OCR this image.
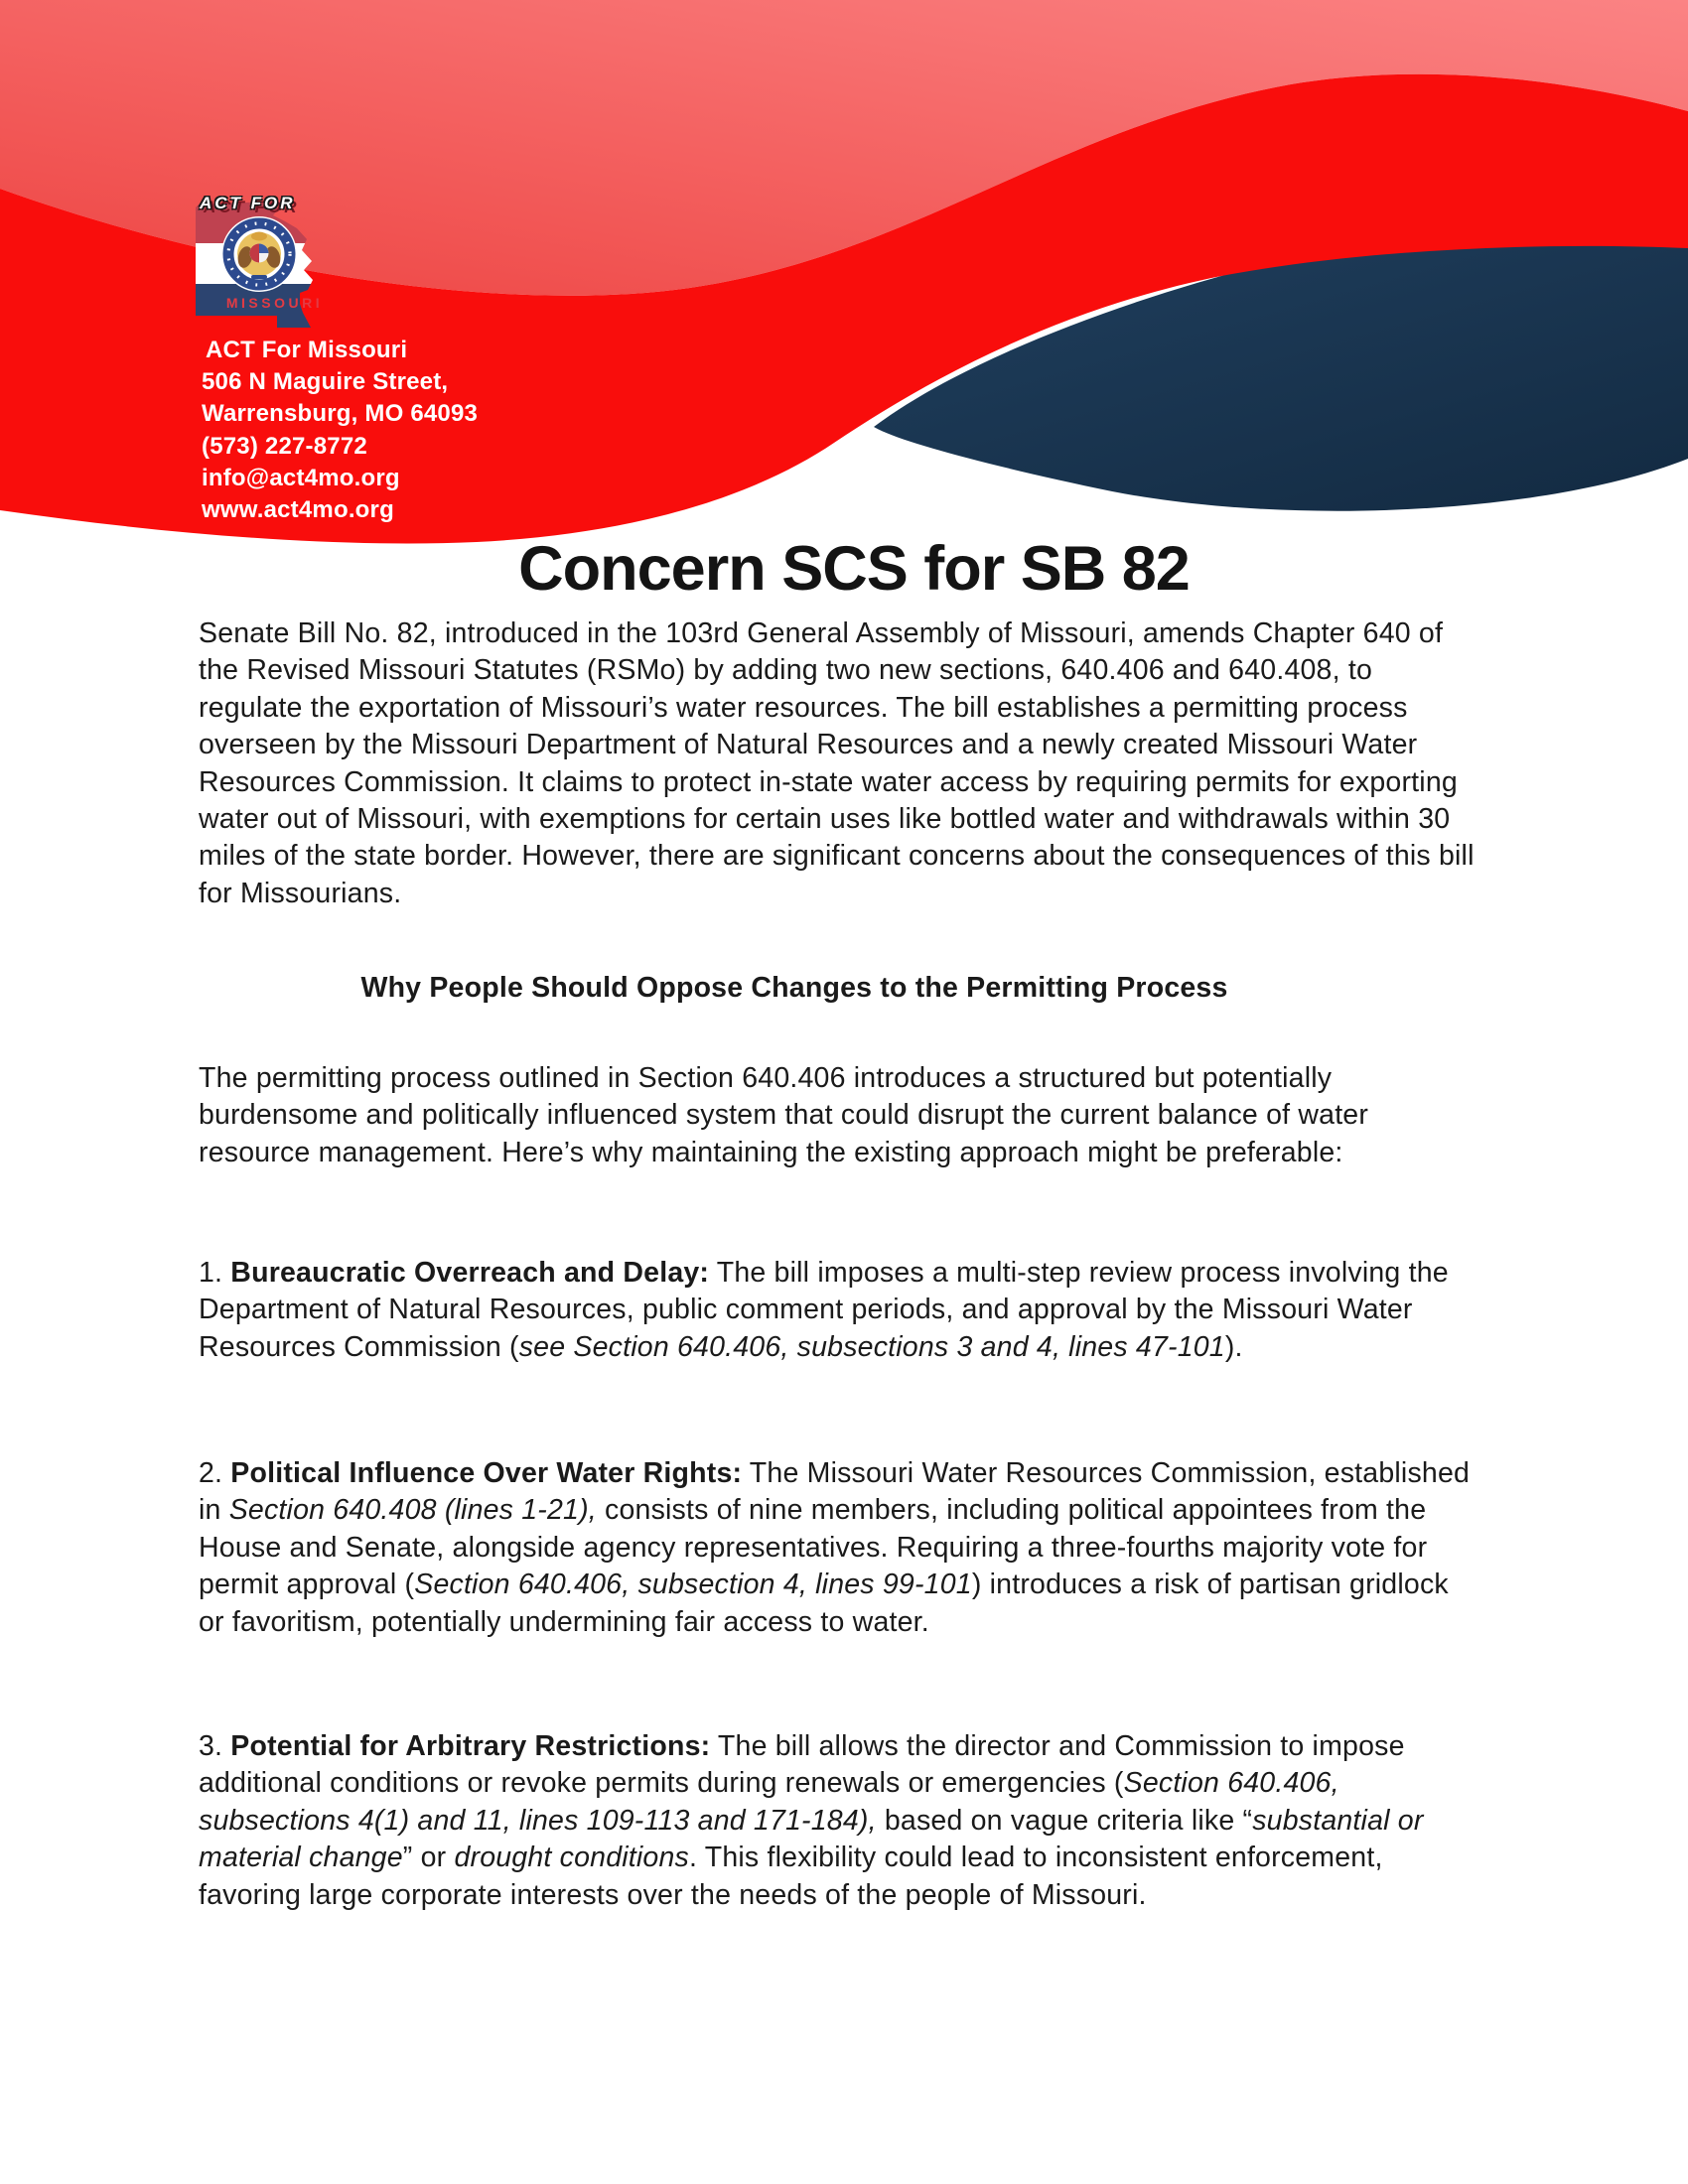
ACT FOR
MISSOURI
ACT For Missouri
506 N Maguire Street,
Warrensburg, MO 64093
(573) 227-8772
info@act4mo.org
www.act4mo.org
Concern SCS for SB 82
Senate Bill No. 82, introduced in the 103rd General Assembly of Missouri, amends Chapter 640 of the Revised Missouri Statutes (RSMo) by adding two new sections, 640.406 and 640.408, to regulate the exportation of Missouri’s water resources. The bill establishes a permitting process overseen by the Missouri Department of Natural Resources and a newly created Missouri Water Resources Commission. It claims to protect in-state water access by requiring permits for exporting water out of Missouri, with exemptions for certain uses like bottled water and withdrawals within 30 miles of the state border. However, there are significant concerns about the consequences of this bill for Missourians.
Why People Should Oppose Changes to the Permitting Process
The permitting process outlined in Section 640.406 introduces a structured but potentially burdensome and politically influenced system that could disrupt the current balance of water resource management. Here’s why maintaining the existing approach might be preferable:
1. Bureaucratic Overreach and Delay: The bill imposes a multi-step review process involving the Department of Natural Resources, public comment periods, and approval by the Missouri Water Resources Commission (see Section 640.406, subsections 3 and 4, lines 47-101).
2. Political Influence Over Water Rights: The Missouri Water Resources Commission, established in Section 640.408 (lines 1-21), consists of nine members, including political appointees from the House and Senate, alongside agency representatives. Requiring a three-fourths majority vote for permit approval (Section 640.406, subsection 4, lines 99-101) introduces a risk of partisan gridlock or favoritism, potentially undermining fair access to water.
3. Potential for Arbitrary Restrictions: The bill allows the director and Commission to impose additional conditions or revoke permits during renewals or emergencies (Section 640.406, subsections 4(1) and 11, lines 109-113 and 171-184), based on vague criteria like “substantial or material change” or drought conditions. This flexibility could lead to inconsistent enforcement, favoring large corporate interests over the needs of the people of Missouri.
